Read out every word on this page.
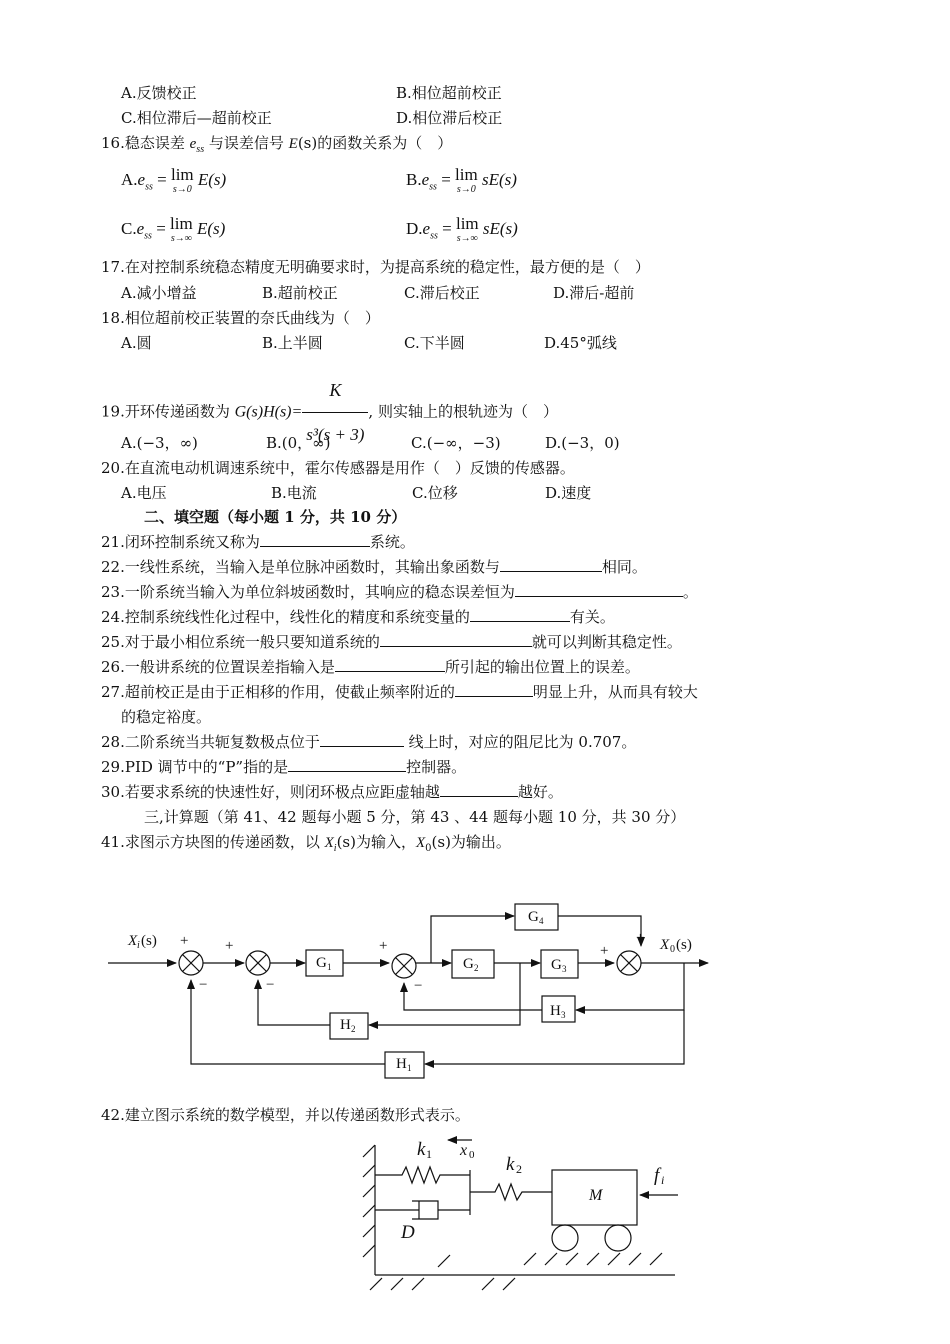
A.反馈校正	B.相位超前校正
C.相位滞后—超前校正	D.相位滞后校正
16.稳态误差 $e_{ss}$ 与误差信号 E(s)的函数关系为（　）
$A.e_{ss} = \lim$
s→0
E(s)	$B.e_{ss} = \lim$
s→0
sE(s)
$C.e_{ss} = \lim$
s→∞
E(s)	$D.e_{ss} = \lim$
s→∞
sE(s)
17.在对控制系统稳态精度无明确要求时，为提高系统的稳定性，最方便的是（　）
A.减小增益	B.超前校正	C.滞后校正	D.滞后-超前
18.相位超前校正装置的奈氏曲线为（　）
A.圆	B.上半圆	C.下半圆	D.45°弧线
19.开环传递函数为 $G(s)H(s)= \frac{K}{\text{s³(s + 3)}}$ , 则实轴上的根轨迹为（　）
A.(−3，∞)	B.(0，∞)	C.(−∞，−3)	D.(−3，0)
20.在直流电动机调速系统中，霍尔传感器是用作（　）反馈的传感器。
A.电压	B.电流	C.位移	D.速度
二、填空题（每小题 1 分，共 10 分）
21.闭环控制系统又称为	系统。
22.一线性系统，当输入是单位脉冲函数时，其输出象函数与	相同。
23.一阶系统当输入为单位斜坡函数时，其响应的稳态误差恒为	。
24.控制系统线性化过程中，线性化的精度和系统变量的	有关。
25.对于最小相位系统一般只要知道系统的	就可以判断其稳定性。
26.一般讲系统的位置误差指输入是	所引起的输出位置上的误差。
27.超前校正是由于正相移的作用，使截止频率附近的	明显上升，从而具有较大
的稳定裕度。
28.二阶系统当共轭复数极点位于	线上时，对应的阻尼比为 0.707。
29.PID 调节中的“P”指的是	控制器。
30.若要求系统的快速性好，则闭环极点应距虚轴越	越好。
三,计算题（第 41、42 题每小题 5 分，第 43 、44 题每小题 10 分，共 30 分）
41.求图示方块图的传递函数，以 $X_i(s)$为输入，$X_0(s)$为输出。
X i (s)	X 0 (s)
G 1	G 2	G 3
G 4
H 3
H 2
H 1
+
−
+
−
+
−
+
+
42.建立图示系统的数学模型，并以传递函数形式表示。
k 1 x 0 k 2	f i
D
M
